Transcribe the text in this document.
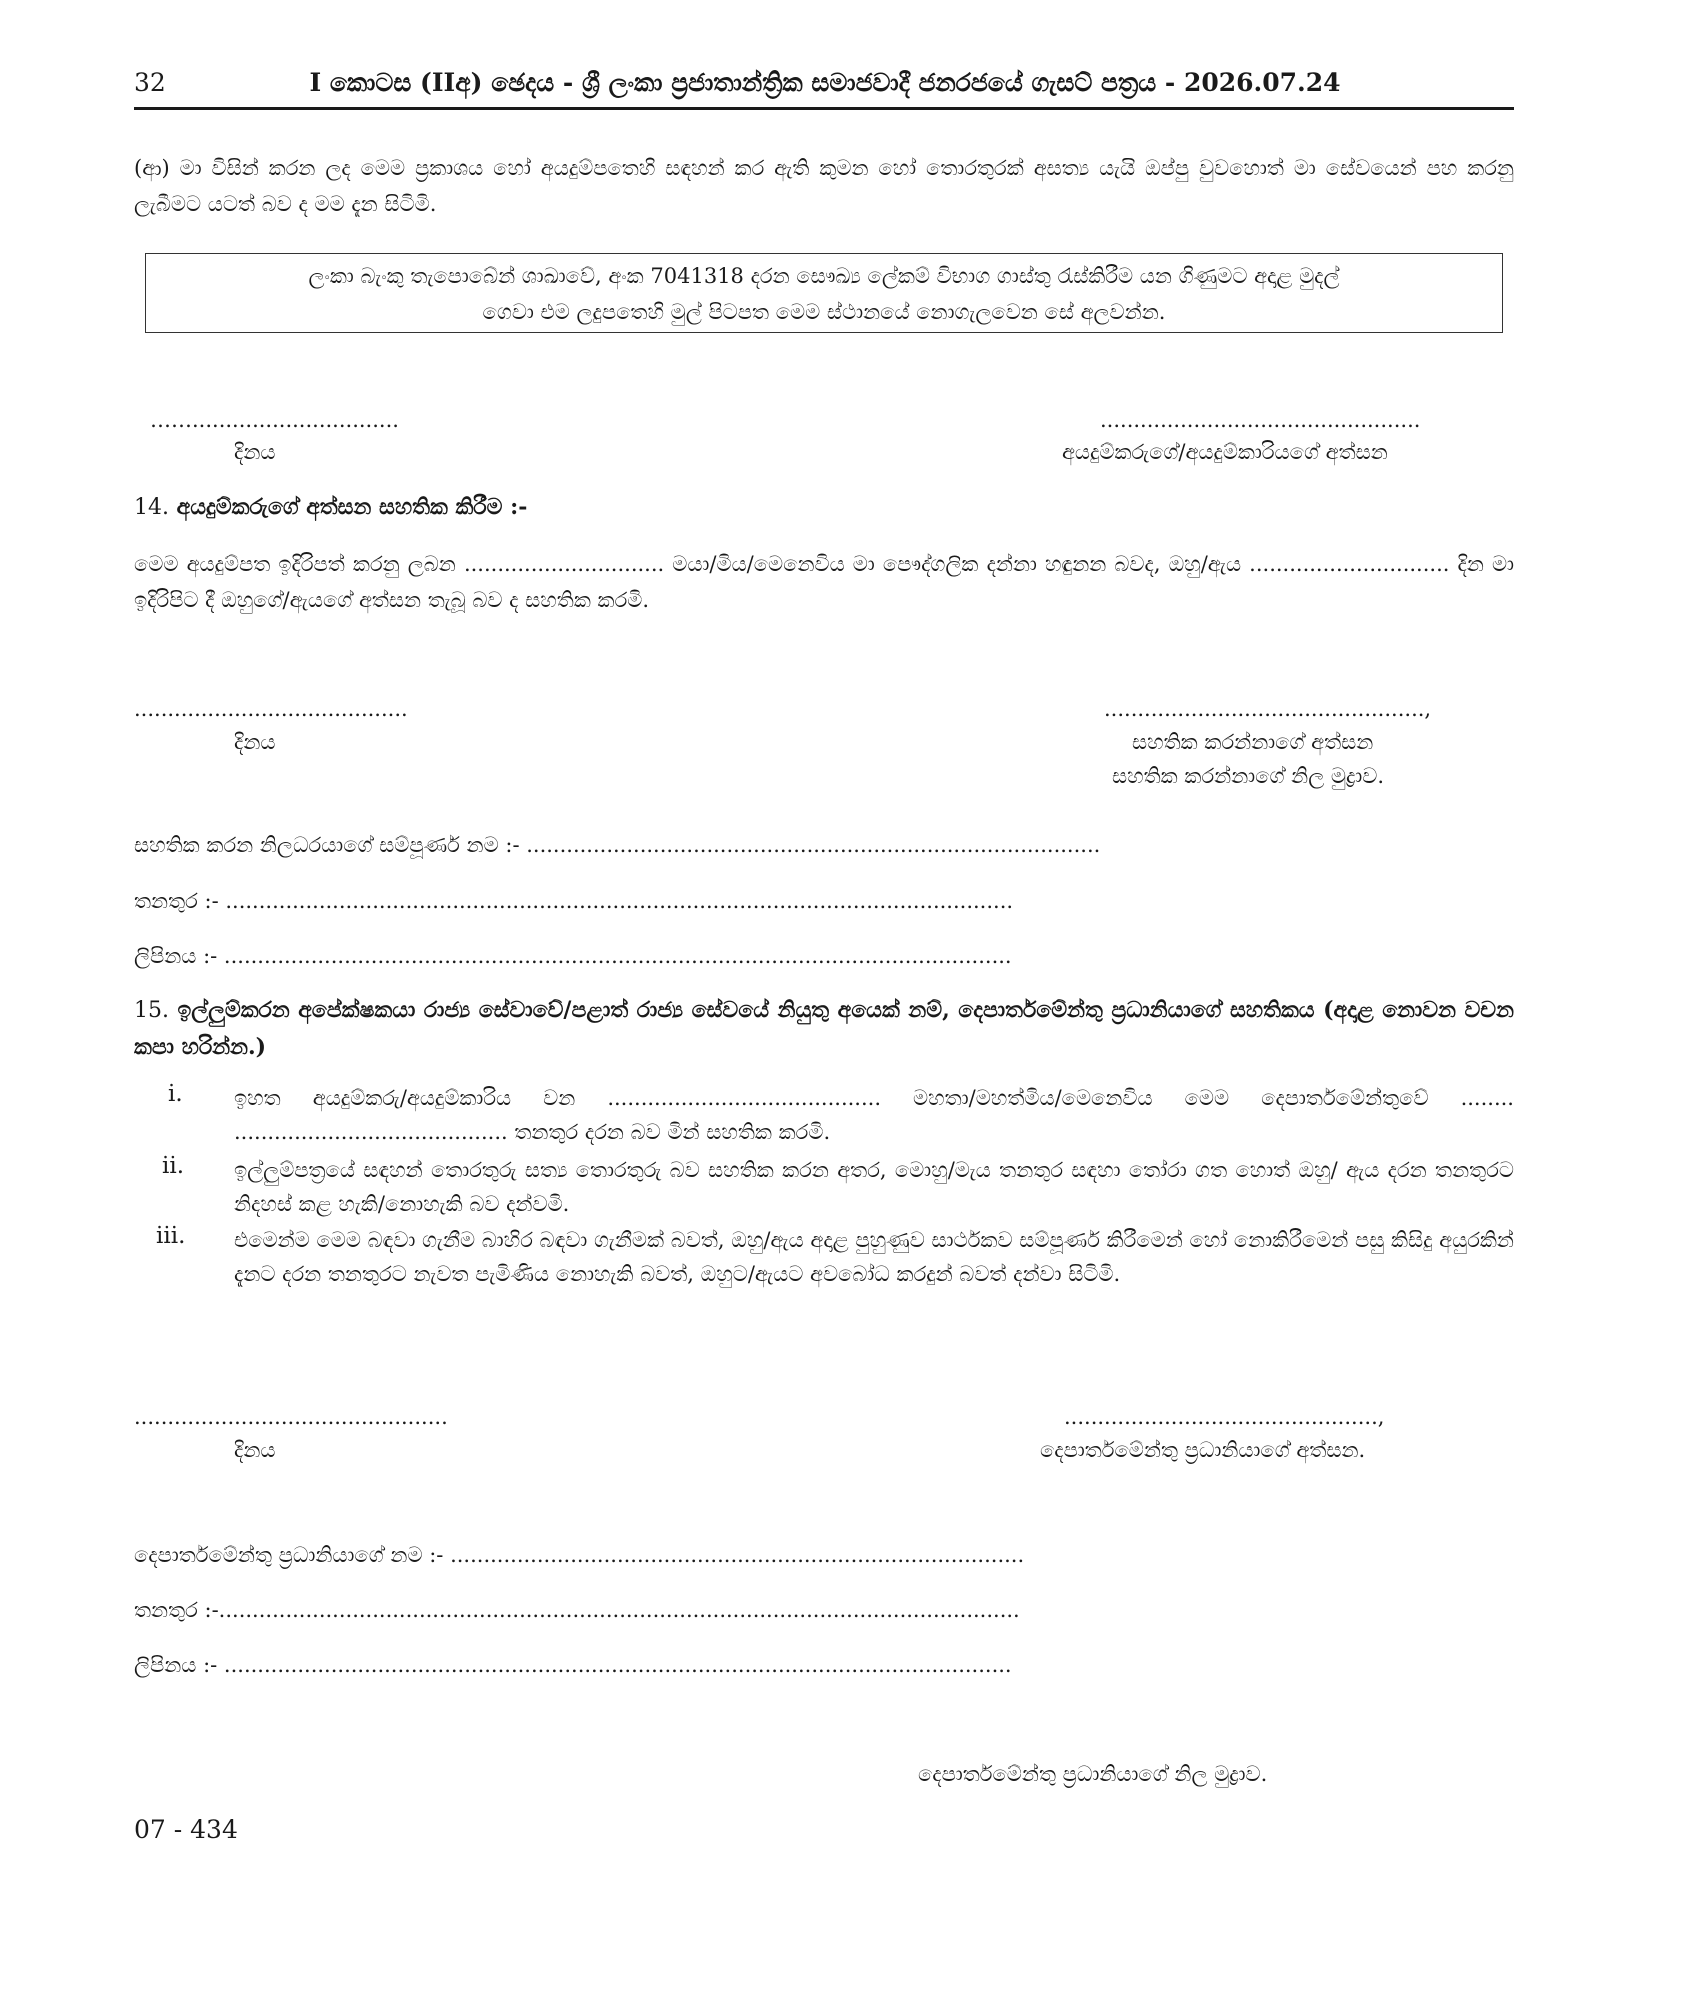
32	I කොටස (IIඅ) ඡෙදය - ශ්‍රී ලංකා ප්‍රජාතාන්ත්‍රික සමාජවාදී ජනරජයේ ගැසට් පත්‍රය - 2026.07.24
(ආ) මා විසින් කරන ලද මෙම ප්‍රකාශය හෝ අයදුම්පතෙහි සඳහන් කර ඇති කුමන හෝ තොරතුරක් අසත්‍ය යැයි ඔප්පු වුවහොත් මා සේවයෙන් පහ කරනු ලැබීමට යටත් බව ද මම දැන සිටිමි.
ලංකා බැංකු තැපොබේන් ශාඛාවේ, අංක 7041318 දරන සෞඛ්‍ය ලේකම් විභාග ගාස්තු රැස්කිරීම යන ගිණුමට අදාළ මුදල්
ගෙවා එම ලදුපතෙහි මුල් පිටපත මෙම ස්ථානයේ නොගැලවෙන සේ අලවන්න.
……...............................
දිනය
................................................
අයදුම්කරුගේ/අයදුම්කාරියගේ අත්සන
14. අයදුම්කරුගේ අත්සන සහතික කිරීම :-
මෙම අයදුම්පත ඉදිරිපත් කරනු ලබන .............................. මයා/මිය/මෙනෙවිය මා පෞද්ගලික දන්නා හඳුනන බවද, ඔහු/ඇය .............................. දින මා ඉදිරිපිට දී ඔහුගේ/ඇයගේ අත්සන තැබූ බව ද සහතික කරමි.
.........................................
දිනය
................................................,
සහතික කරන්නාගේ අත්සන
සහතික කරන්නාගේ නිල මුද්‍රාව.
සහතික කරන නිලධරයාගේ සම්පූර්ණ නම :- ......................................................................................
තනතුර :- ......................................................................................................................
ලිපිනය :- ......................................................................................................................
15. ඉල්ලුම්කරන අපේක්ෂකයා රාජ්‍ය සේවාවේ/පළාත් රාජ්‍ය සේවයේ නියුතු අයෙක් නම්, දෙපාර්තමේන්තු ප්‍රධානියාගේ සහතිකය (අදාළ නොවන වචන කපා හරින්න.)
i.	ඉහත අයදුම්කරු/අයදුම්කාරිය වන ......................................... මහතා/මහත්මිය/මෙනෙවිය මෙම දෙපාර්තමේන්තුවේ ........ ......................................... තනතුර දරන බව මින් සහතික කරමි.
ii.	ඉල්ලුම්පත්‍රයේ සඳහන් තොරතුරු සත්‍ය තොරතුරු බව සහතික කරන අතර, මොහු/මැය තනතුර සඳහා තෝරා ගත හොත් ඔහු/ ඇය දරන තනතුරට නිදහස් කළ හැකි/නොහැකි බව දන්වමි.
iii.	එමෙන්ම මෙම බඳවා ගැනීම බාහිර බඳවා ගැනීමක් බවත්, ඔහු/ඇය අදාළ පුහුණුව සාර්ථකව සම්පූර්ණ කිරීමෙන් හෝ නොකිරීමෙන් පසු කිසිදු අයුරකින් දැනට දරන තනතුරට නැවත පැමිණිය නොහැකි බවත්, ඔහුට/ඇයට අවබෝධ කරදුන් බවත් දන්වා සිටිමි.
...............................................
දිනය
...............................................,
දෙපාර්තමේන්තු ප්‍රධානියාගේ අත්සන.
දෙපාර්තමේන්තු ප්‍රධානියාගේ නම :- ......................................................................................
තනතුර :-........................................................................................................................
ලිපිනය :- ......................................................................................................................
දෙපාර්තමේන්තු ප්‍රධානියාගේ නිල මුද්‍රාව.
07 - 434
